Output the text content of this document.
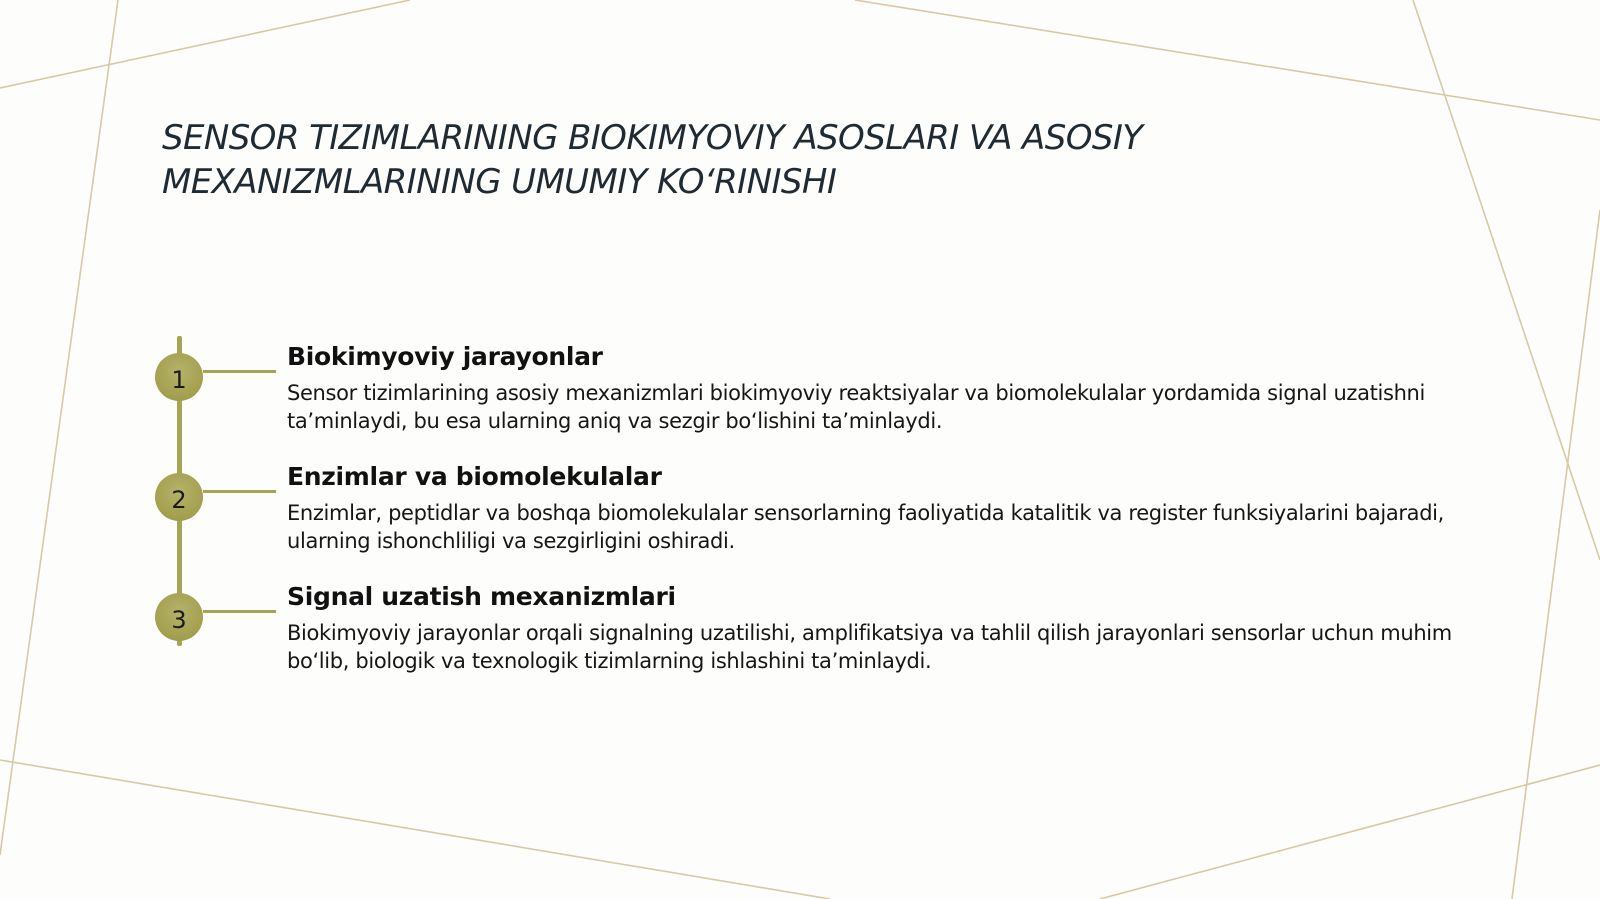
SENSOR TIZIMLARINING BIOKIMYOVIY ASOSLARI VA ASOSIY MEXANIZMLARINING UMUMIY KO‘RINISHI
1
Biokimyoviy jarayonlar

Sensor tizimlarining asosiy mexanizmlari biokimyoviy reaktsiyalar va biomolekulalar yordamida signal uzatishni ta’minlaydi, bu esa ularning aniq va sezgir bo‘lishini ta’minlaydi.

2
Enzimlar va biomolekulalar

Enzimlar, peptidlar va boshqa biomolekulalar sensorlarning faoliyatida katalitik va register funksiyalarini bajaradi, ularning ishonchliligi va sezgirligini oshiradi.

3
Signal uzatish mexanizmlari

Biokimyoviy jarayonlar orqali signalning uzatilishi, amplifikatsiya va tahlil qilish jarayonlari sensorlar uchun muhim bo‘lib, biologik va texnologik tizimlarning ishlashini ta’minlaydi.
